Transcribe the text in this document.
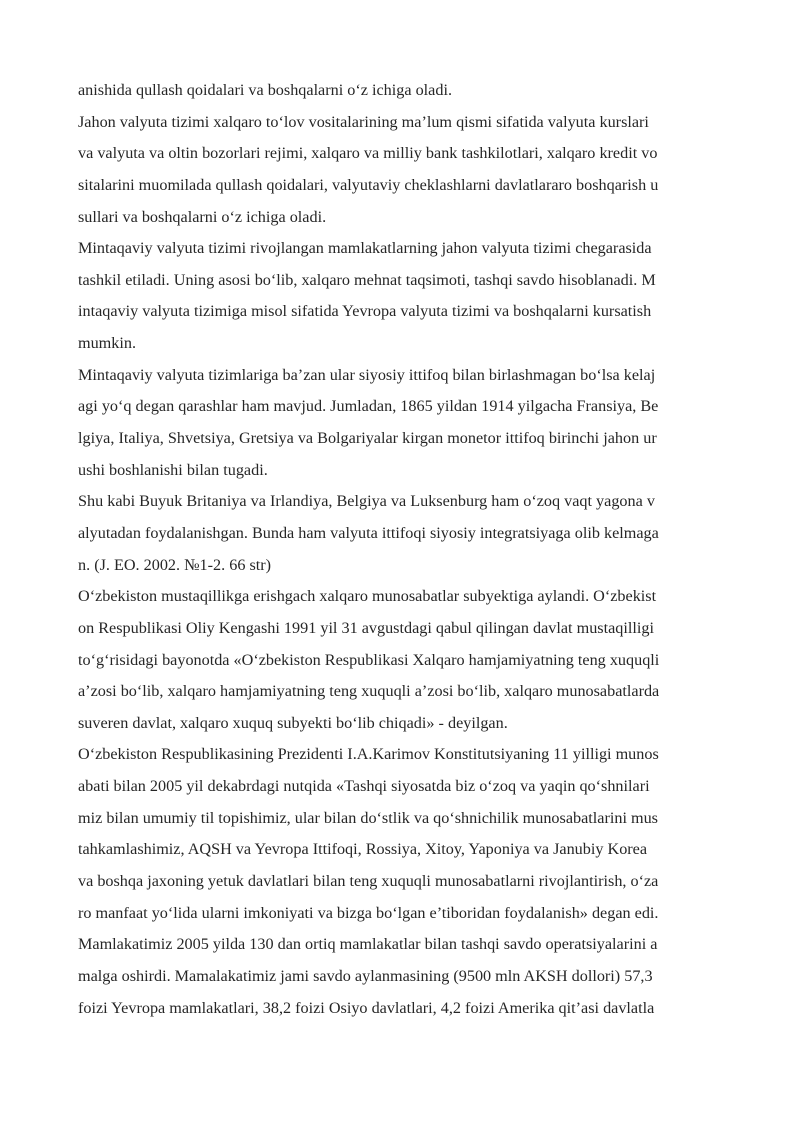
anishida qullash qoidalari va boshqalarni o‘z ichiga oladi.
Jahon valyuta tizimi xalqaro to‘lov vositalarining ma’lum qismi sifatida valyuta kurslari
va valyuta va oltin bozorlari rejimi, xalqaro va milliy bank tashkilotlari, xalqaro kredit vo
sitalarini muomilada qullash qoidalari, valyutaviy cheklashlarni davlatlararo boshqarish u
sullari va boshqalarni o‘z ichiga oladi.
Mintaqaviy valyuta tizimi rivojlangan mamlakatlarning jahon valyuta tizimi chegarasida
tashkil etiladi. Uning asosi bo‘lib, xalqaro mehnat taqsimoti, tashqi savdo hisoblanadi. M
intaqaviy valyuta tizimiga misol sifatida Yevropa valyuta tizimi va boshqalarni kursatish
mumkin.
Mintaqaviy valyuta tizimlariga ba’zan ular siyosiy ittifoq bilan birlashmagan bo‘lsa kelaj
agi yo‘q degan qarashlar ham mavjud. Jumladan, 1865 yildan 1914 yilgacha Fransiya, Be
lgiya, Italiya, Shvetsiya, Gretsiya va Bolgariyalar kirgan monetor ittifoq birinchi jahon ur
ushi boshlanishi bilan tugadi.
Shu kabi Buyuk Britaniya va Irlandiya, Belgiya va Luksenburg ham o‘zoq vaqt yagona v
alyutadan foydalanishgan. Bunda ham valyuta ittifoqi siyosiy integratsiyaga olib kelmaga
n. (J. EO. 2002. №1-2. 66 str)
O‘zbekiston mustaqillikga erishgach xalqaro munosabatlar subyektiga aylandi. O‘zbekist
on Respublikasi Oliy Kengashi 1991 yil 31 avgustdagi qabul qilingan davlat mustaqilligi
to‘g‘risidagi bayonotda «O‘zbekiston Respublikasi Xalqaro hamjamiyatning teng xuquqli
a’zosi bo‘lib, xalqaro hamjamiyatning teng xuquqli a’zosi bo‘lib, xalqaro munosabatlarda
suveren davlat, xalqaro xuquq subyekti bo‘lib chiqadi» - deyilgan.
O‘zbekiston Respublikasining Prezidenti I.A.Karimov Konstitutsiyaning 11 yilligi munos
abati bilan 2005 yil dekabrdagi nutqida «Tashqi siyosatda biz o‘zoq va yaqin qo‘shnilari
miz bilan umumiy til topishimiz, ular bilan do‘stlik va qo‘shnichilik munosabatlarini mus
tahkamlashimiz, AQSH va Yevropa Ittifoqi, Rossiya, Xitoy, Yaponiya va Janubiy Korea
va boshqa jaxoning yetuk davlatlari bilan teng xuquqli munosabatlarni rivojlantirish, o‘za
ro manfaat yo‘lida ularni imkoniyati va bizga bo‘lgan e’tiboridan foydalanish» degan edi.
Mamlakatimiz 2005 yilda 130 dan ortiq mamlakatlar bilan tashqi savdo operatsiyalarini a
malga oshirdi. Mamalakatimiz jami savdo aylanmasining (9500 mln AKSH dollori) 57,3
foizi Yevropa mamlakatlari, 38,2 foizi Osiyo davlatlari, 4,2 foizi Amerika qit’asi davlatla
